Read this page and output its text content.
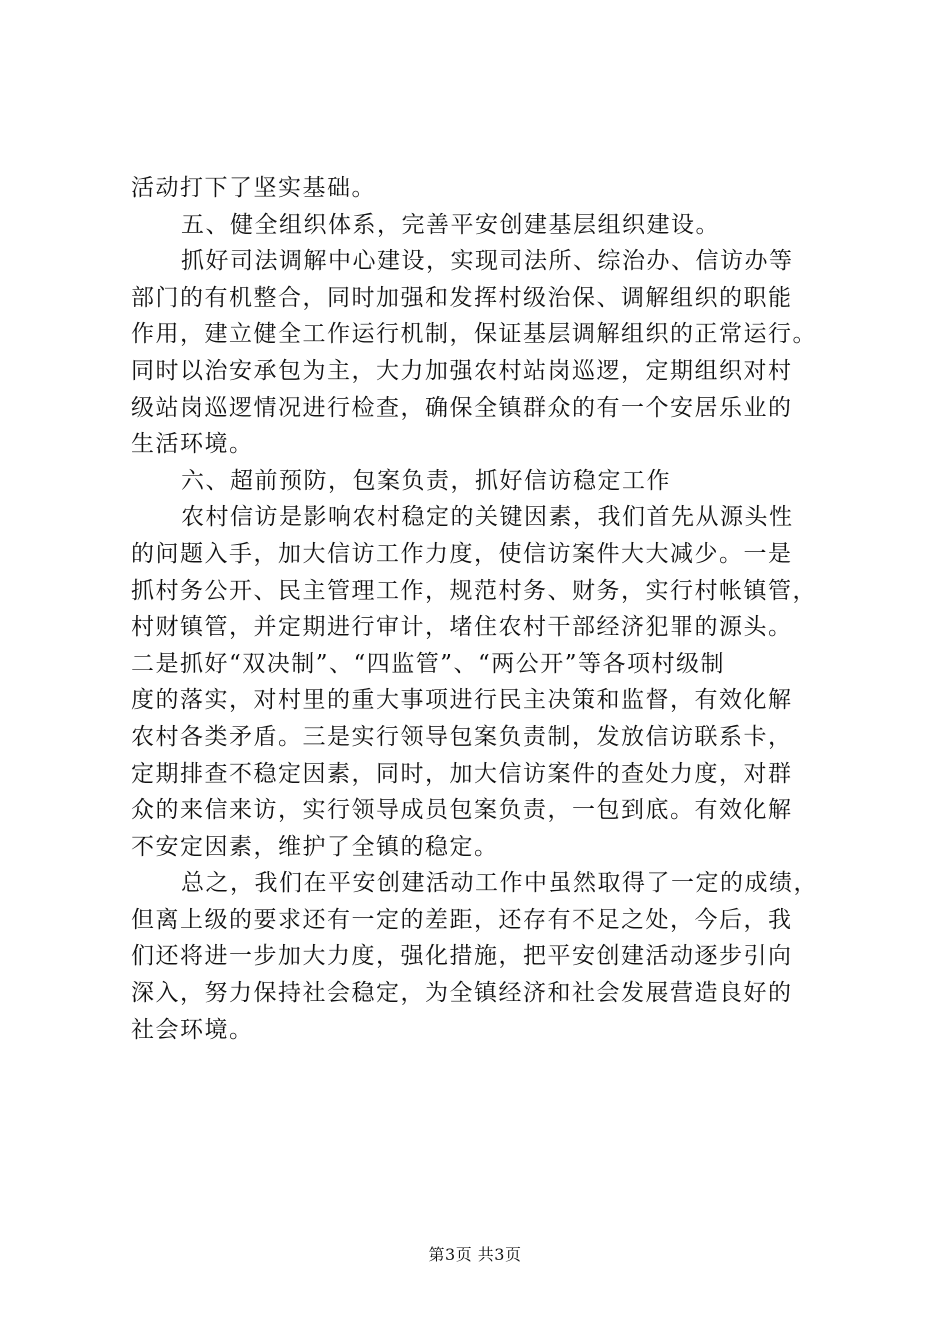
活动打下了坚实基础。
五、健全组织体系，完善平安创建基层组织建设。
抓好司法调解中心建设，实现司法所、综治办、信访办等
部门的有机整合，同时加强和发挥村级治保、调解组织的职能
作用，建立健全工作运行机制，保证基层调解组织的正常运行。
同时以治安承包为主，大力加强农村站岗巡逻，定期组织对村
级站岗巡逻情况进行检查，确保全镇群众的有一个安居乐业的
生活环境。
六、超前预防，包案负责，抓好信访稳定工作
农村信访是影响农村稳定的关键因素，我们首先从源头性
的问题入手，加大信访工作力度，使信访案件大大减少。一是
抓村务公开、民主管理工作，规范村务、财务，实行村帐镇管，
村财镇管，并定期进行审计，堵住农村干部经济犯罪的源头。
二是抓好“双决制”、“四监管”、“两公开”等各项村级制
度的落实，对村里的重大事项进行民主决策和监督，有效化解
农村各类矛盾。三是实行领导包案负责制，发放信访联系卡，
定期排查不稳定因素，同时，加大信访案件的查处力度，对群
众的来信来访，实行领导成员包案负责，一包到底。有效化解
不安定因素，维护了全镇的稳定。
总之，我们在平安创建活动工作中虽然取得了一定的成绩，
但离上级的要求还有一定的差距，还存有不足之处，今后，我
们还将进一步加大力度，强化措施，把平安创建活动逐步引向
深入，努力保持社会稳定，为全镇经济和社会发展营造良好的
社会环境。
第3页 共3页
